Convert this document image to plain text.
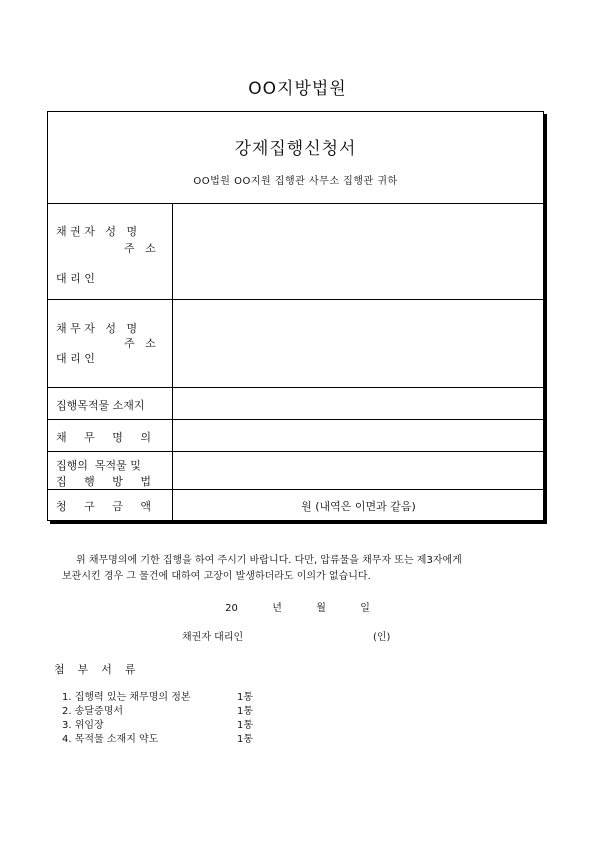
OO지방법원
강제집행신청서
OO법원 OO지원 집행관 사무소 집행관 귀하
채 권 자   성   명
주   소
대 리 인
채 무 자   성   명
주   소
대 리 인
집행목적물 소재지
채     무     명     의
집행의  목적물 및
집     행     방     법
청     구     금     액	원 (내역은 이면과 같음)
위 채무명의에 기한 집행을 하여 주시기 바랍니다. 다만, 압류물을 채무자 또는 제3자에게
보관시킨 경우 그 물건에 대하여 고장이 발생하더라도 이의가 없습니다.
20  년  월  일
채권자 대리인	(인)
첨부서류
1. 집행력 있는 채무명의 정본	1통
2. 송달증명서	1통
3. 위임장	1통
4. 목적물 소재지 약도	1통
